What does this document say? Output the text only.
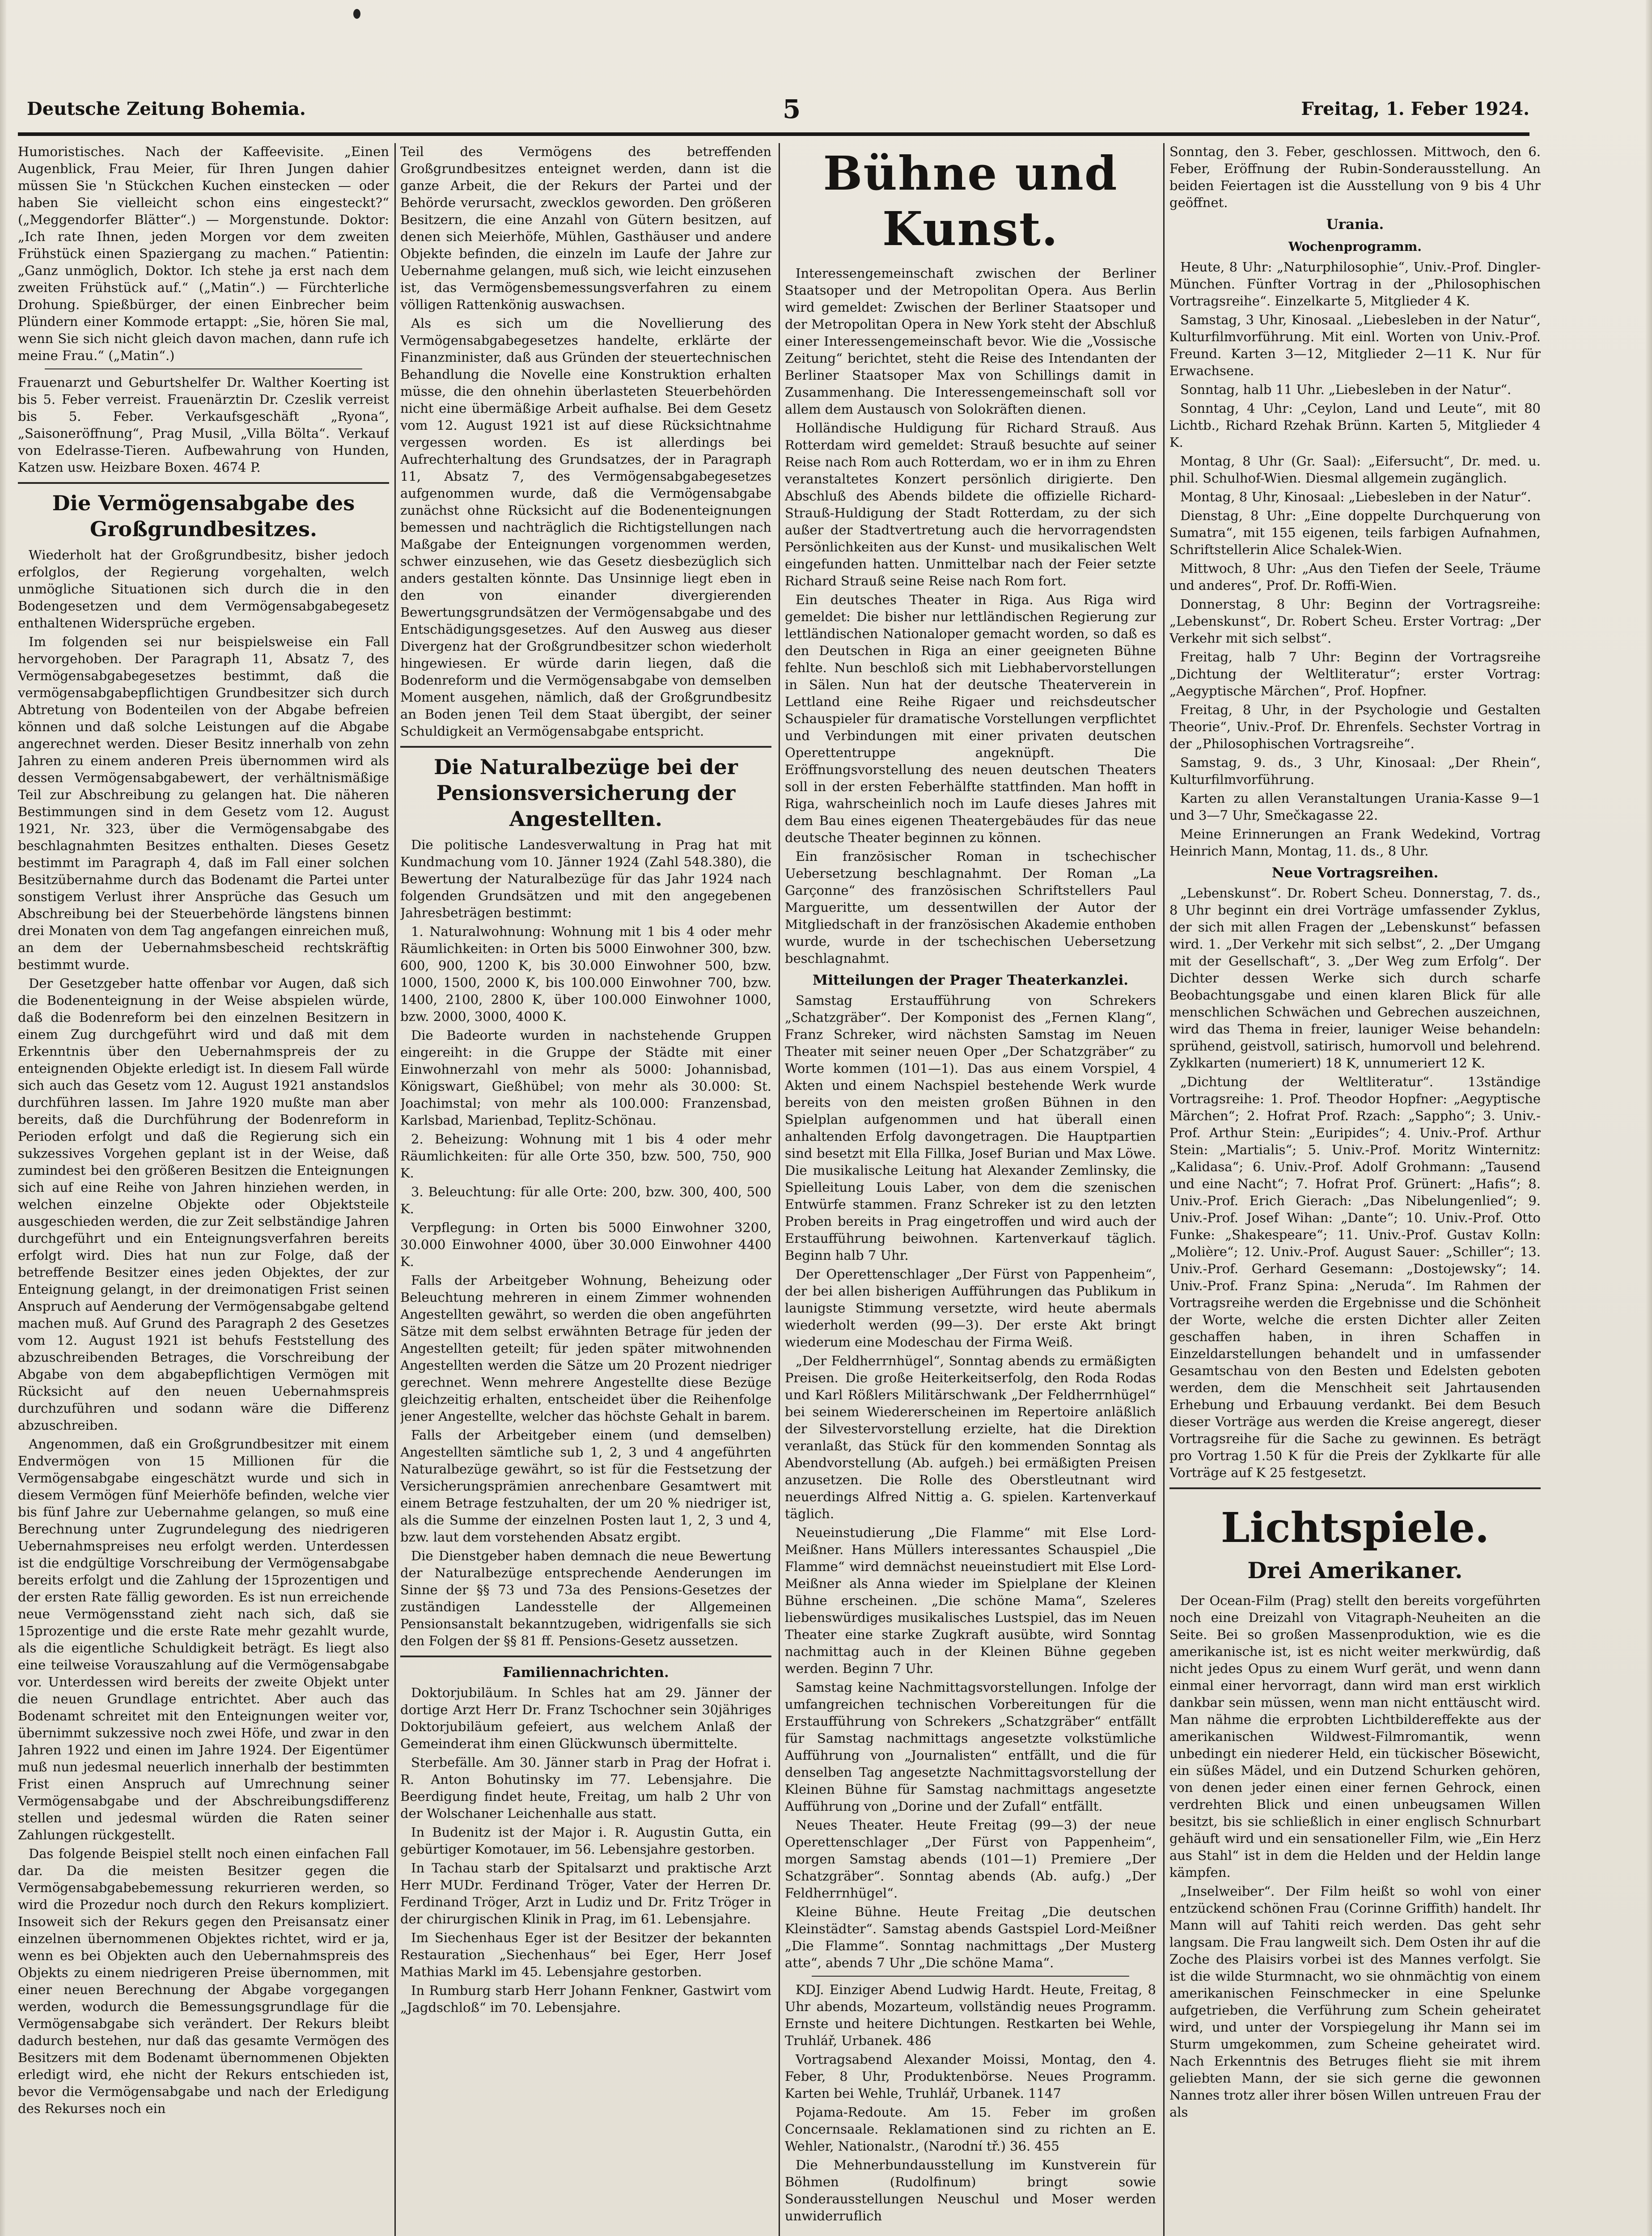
Deutsche Zeitung Bohemia.	5	Freitag, 1. Feber 1924.

Humoristisches. Nach der Kaffeevisite. „Einen Augenblick, Frau Meier, für Ihren Jungen dahier müssen Sie 'n Stückchen Kuchen einstecken — oder haben Sie vielleicht schon eins eingesteckt?“ („Meggendorfer Blätter“.) — Morgenstunde. Doktor: „Ich rate Ihnen, jeden Morgen vor dem zweiten Frühstück einen Spaziergang zu machen.“ Patientin: „Ganz unmöglich, Doktor. Ich stehe ja erst nach dem zweiten Frühstück auf.“ („Matin“.) — Fürchterliche Drohung. Spießbürger, der einen Einbrecher beim Plündern einer Kommode ertappt: „Sie, hören Sie mal, wenn Sie sich nicht gleich davon machen, dann rufe ich meine Frau.“ („Matin“.)

Frauenarzt und Geburtshelfer Dr. Walther Koerting ist bis 5. Feber verreist. Frauenärztin Dr. Czeslik verreist bis 5. Feber. Verkaufsgeschäft „Ryona“, „Saisoneröffnung“, Prag Musil, „Villa Bölta“. Verkauf von Edelrasse-Tieren. Aufbewahrung von Hunden, Katzen usw. Heizbare Boxen. 4674 P.

Die Vermögensabgabe des Großgrundbesitzes.

Wiederholt hat der Großgrundbesitz, bisher jedoch erfolglos, der Regierung vorgehalten, welch unmögliche Situationen sich durch die in den Bodengesetzen und dem Vermögensabgabegesetz enthaltenen Widersprüche ergeben.

Im folgenden sei nur beispielsweise ein Fall hervorgehoben. Der Paragraph 11, Absatz 7, des Vermögensabgabegesetzes bestimmt, daß die vermögensabgabepflichtigen Grundbesitzer sich durch Abtretung von Bodenteilen von der Abgabe befreien können und daß solche Leistungen auf die Abgabe angerechnet werden. Dieser Besitz innerhalb von zehn Jahren zu einem anderen Preis übernommen wird als dessen Vermögensabgabewert, der verhältnismäßige Teil zur Abschreibung zu gelangen hat. Die näheren Bestimmungen sind in dem Gesetz vom 12. August 1921, Nr. 323, über die Vermögensabgabe des beschlagnahmten Besitzes enthalten. Dieses Gesetz bestimmt im Paragraph 4, daß im Fall einer solchen Besitzübernahme durch das Bodenamt die Partei unter sonstigem Verlust ihrer Ansprüche das Gesuch um Abschreibung bei der Steuerbehörde längstens binnen drei Monaten von dem Tag angefangen einreichen muß, an dem der Uebernahmsbescheid rechtskräftig bestimmt wurde.

Der Gesetzgeber hatte offenbar vor Augen, daß sich die Bodenenteignung in der Weise abspielen würde, daß die Bodenreform bei den einzelnen Besitzern in einem Zug durchgeführt wird und daß mit dem Erkenntnis über den Uebernahmspreis der zu enteignenden Objekte erledigt ist. In diesem Fall würde sich auch das Gesetz vom 12. August 1921 anstandslos durchführen lassen. Im Jahre 1920 mußte man aber bereits, daß die Durchführung der Bodenreform in Perioden erfolgt und daß die Regierung sich ein sukzessives Vorgehen geplant ist in der Weise, daß zumindest bei den größeren Besitzen die Enteignungen sich auf eine Reihe von Jahren hinziehen werden, in welchen einzelne Objekte oder Objektsteile ausgeschieden werden, die zur Zeit selbständige Jahren durchgeführt und ein Enteignungsverfahren bereits erfolgt wird. Dies hat nun zur Folge, daß der betreffende Besitzer eines jeden Objektes, der zur Enteignung gelangt, in der dreimonatigen Frist seinen Anspruch auf Aenderung der Vermögensabgabe geltend machen muß. Auf Grund des Paragraph 2 des Gesetzes vom 12. August 1921 ist behufs Feststellung des abzuschreibenden Betrages, die Vorschreibung der Abgabe von dem abgabepflichtigen Vermögen mit Rücksicht auf den neuen Uebernahmspreis durchzuführen und sodann wäre die Differenz abzuschreiben.

Angenommen, daß ein Großgrundbesitzer mit einem Endvermögen von 15 Millionen für die Vermögensabgabe eingeschätzt wurde und sich in diesem Vermögen fünf Meierhöfe befinden, welche vier bis fünf Jahre zur Uebernahme gelangen, so muß eine Berechnung unter Zugrundelegung des niedrigeren Uebernahmspreises neu erfolgt werden. Unterdessen ist die endgültige Vorschreibung der Vermögensabgabe bereits erfolgt und die Zahlung der 15prozentigen und der ersten Rate fällig geworden. Es ist nun erreichende neue Vermögensstand zieht nach sich, daß sie 15prozentige und die erste Rate mehr gezahlt wurde, als die eigentliche Schuldigkeit beträgt. Es liegt also eine teilweise Vorauszahlung auf die Vermögensabgabe vor. Unterdessen wird bereits der zweite Objekt unter die neuen Grundlage entrichtet. Aber auch das Bodenamt schreitet mit den Enteignungen weiter vor, übernimmt sukzessive noch zwei Höfe, und zwar in den Jahren 1922 und einen im Jahre 1924. Der Eigentümer muß nun jedesmal neuerlich innerhalb der bestimmten Frist einen Anspruch auf Umrechnung seiner Vermögensabgabe und der Abschreibungsdifferenz stellen und jedesmal würden die Raten seiner Zahlungen rückgestellt.

Das folgende Beispiel stellt noch einen einfachen Fall dar. Da die meisten Besitzer gegen die Vermögensabgabebemessung rekurrieren werden, so wird die Prozedur noch durch den Rekurs kompliziert. Insoweit sich der Rekurs gegen den Preisansatz einer einzelnen übernommenen Objektes richtet, wird er ja, wenn es bei Objekten auch den Uebernahmspreis des Objekts zu einem niedrigeren Preise übernommen, mit einer neuen Berechnung der Abgabe vorgegangen werden, wodurch die Bemessungsgrundlage für die Vermögensabgabe sich verändert. Der Rekurs bleibt dadurch bestehen, nur daß das gesamte Vermögen des Besitzers mit dem Bodenamt übernommenen Objekten erledigt wird, ehe nicht der Rekurs entschieden ist, bevor die Vermögensabgabe und nach der Erledigung des Rekurses noch ein

Teil des Vermögens des betreffenden Großgrundbesitzes enteignet werden, dann ist die ganze Arbeit, die der Rekurs der Partei und der Behörde verursacht, zwecklos geworden. Den größeren Besitzern, die eine Anzahl von Gütern besitzen, auf denen sich Meierhöfe, Mühlen, Gasthäuser und andere Objekte befinden, die einzeln im Laufe der Jahre zur Uebernahme gelangen, muß sich, wie leicht einzusehen ist, das Vermögensbemessungsverfahren zu einem völligen Rattenkönig auswachsen.

Als es sich um die Novellierung des Vermögensabgabegesetzes handelte, erklärte der Finanzminister, daß aus Gründen der steuertechnischen Behandlung die Novelle eine Konstruktion erhalten müsse, die den ohnehin überlasteten Steuerbehörden nicht eine übermäßige Arbeit aufhalse. Bei dem Gesetz vom 12. August 1921 ist auf diese Rücksichtnahme vergessen worden. Es ist allerdings bei Aufrechterhaltung des Grundsatzes, der in Paragraph 11, Absatz 7, des Vermögensabgabegesetzes aufgenommen wurde, daß die Vermögensabgabe zunächst ohne Rücksicht auf die Bodenenteignungen bemessen und nachträglich die Richtigstellungen nach Maßgabe der Enteignungen vorgenommen werden, schwer einzusehen, wie das Gesetz diesbezüglich sich anders gestalten könnte. Das Unsinnige liegt eben in den von einander divergierenden Bewertungsgrundsätzen der Vermögensabgabe und des Entschädigungsgesetzes. Auf den Ausweg aus dieser Divergenz hat der Großgrundbesitzer schon wiederholt hingewiesen. Er würde darin liegen, daß die Bodenreform und die Vermögensabgabe von demselben Moment ausgehen, nämlich, daß der Großgrundbesitz an Boden jenen Teil dem Staat übergibt, der seiner Schuldigkeit an Vermögensabgabe entspricht.

Die Naturalbezüge bei der Pensionsversicherung der Angestellten.

Die politische Landesverwaltung in Prag hat mit Kundmachung vom 10. Jänner 1924 (Zahl 548.380), die Bewertung der Naturalbezüge für das Jahr 1924 nach folgenden Grundsätzen und mit den angegebenen Jahresbeträgen bestimmt:

1. Naturalwohnung: Wohnung mit 1 bis 4 oder mehr Räumlichkeiten: in Orten bis 5000 Einwohner 300, bzw. 600, 900, 1200 K, bis 30.000 Einwohner 500, bzw. 1000, 1500, 2000 K, bis 100.000 Einwohner 700, bzw. 1400, 2100, 2800 K, über 100.000 Einwohner 1000, bzw. 2000, 3000, 4000 K.

Die Badeorte wurden in nachstehende Gruppen eingereiht: in die Gruppe der Städte mit einer Einwohnerzahl von mehr als 5000: Johannisbad, Königswart, Gießhübel; von mehr als 30.000: St. Joachimstal; von mehr als 100.000: Franzensbad, Karlsbad, Marienbad, Teplitz-Schönau.

2. Beheizung: Wohnung mit 1 bis 4 oder mehr Räumlichkeiten: für alle Orte 350, bzw. 500, 750, 900 K.

3. Beleuchtung: für alle Orte: 200, bzw. 300, 400, 500 K.

Verpflegung: in Orten bis 5000 Einwohner 3200, 30.000 Einwohner 4000, über 30.000 Einwohner 4400 K.

Falls der Arbeitgeber Wohnung, Beheizung oder Beleuchtung mehreren in einem Zimmer wohnenden Angestellten gewährt, so werden die oben angeführten Sätze mit dem selbst erwähnten Betrage für jeden der Angestellten geteilt; für jeden später mitwohnenden Angestellten werden die Sätze um 20 Prozent niedriger gerechnet. Wenn mehrere Angestellte diese Bezüge gleichzeitig erhalten, entscheidet über die Reihenfolge jener Angestellte, welcher das höchste Gehalt in barem.

Falls der Arbeitgeber einem (und demselben) Angestellten sämtliche sub 1, 2, 3 und 4 angeführten Naturalbezüge gewährt, so ist für die Festsetzung der Versicherungsprämien anrechenbare Gesamtwert mit einem Betrage festzuhalten, der um 20 % niedriger ist, als die Summe der einzelnen Posten laut 1, 2, 3 und 4, bzw. laut dem vorstehenden Absatz ergibt.

Die Dienstgeber haben demnach die neue Bewertung der Naturalbezüge entsprechende Aenderungen im Sinne der §§ 73 und 73a des Pensions-Gesetzes der zuständigen Landesstelle der Allgemeinen Pensionsanstalt bekanntzugeben, widrigenfalls sie sich den Folgen der §§ 81 ff. Pensions-Gesetz aussetzen.

Familiennachrichten.

Doktorjubiläum. In Schles hat am 29. Jänner der dortige Arzt Herr Dr. Franz Tschochner sein 30jähriges Doktorjubiläum gefeiert, aus welchem Anlaß der Gemeinderat ihm einen Glückwunsch übermittelte.

Sterbefälle. Am 30. Jänner starb in Prag der Hofrat i. R. Anton Bohutinsky im 77. Lebensjahre. Die Beerdigung findet heute, Freitag, um halb 2 Uhr von der Wolschaner Leichenhalle aus statt.

In Budenitz ist der Major i. R. Augustin Gutta, ein gebürtiger Komotauer, im 56. Lebensjahre gestorben.

In Tachau starb der Spitalsarzt und praktische Arzt Herr MUDr. Ferdinand Tröger, Vater der Herren Dr. Ferdinand Tröger, Arzt in Ludiz und Dr. Fritz Tröger in der chirurgischen Klinik in Prag, im 61. Lebensjahre.

Im Siechenhaus Eger ist der Besitzer der bekannten Restauration „Siechenhaus“ bei Eger, Herr Josef Mathias Markl im 45. Lebensjahre gestorben.

In Rumburg starb Herr Johann Fenkner, Gastwirt vom „Jagdschloß“ im 70. Lebensjahre.

Bühne und Kunst.

Interessengemeinschaft zwischen der Berliner Staatsoper und der Metropolitan Opera. Aus Berlin wird gemeldet: Zwischen der Berliner Staatsoper und der Metropolitan Opera in New York steht der Abschluß einer Interessengemeinschaft bevor. Wie die „Vossische Zeitung“ berichtet, steht die Reise des Intendanten der Berliner Staatsoper Max von Schillings damit in Zusammenhang. Die Interessengemeinschaft soll vor allem dem Austausch von Solokräften dienen.

Holländische Huldigung für Richard Strauß. Aus Rotterdam wird gemeldet: Strauß besuchte auf seiner Reise nach Rom auch Rotterdam, wo er in ihm zu Ehren veranstaltetes Konzert persönlich dirigierte. Den Abschluß des Abends bildete die offizielle Richard-Strauß-Huldigung der Stadt Rotterdam, zu der sich außer der Stadtvertretung auch die hervorragendsten Persönlichkeiten aus der Kunst- und musikalischen Welt eingefunden hatten. Unmittelbar nach der Feier setzte Richard Strauß seine Reise nach Rom fort.

Ein deutsches Theater in Riga. Aus Riga wird gemeldet: Die bisher nur lettländischen Regierung zur lettländischen Nationaloper gemacht worden, so daß es den Deutschen in Riga an einer geeigneten Bühne fehlte. Nun beschloß sich mit Liebhabervorstellungen in Sälen. Nun hat der deutsche Theaterverein in Lettland eine Reihe Rigaer und reichsdeutscher Schauspieler für dramatische Vorstellungen verpflichtet und Verbindungen mit einer privaten deutschen Operettentruppe angeknüpft. Die Eröffnungsvorstellung des neuen deutschen Theaters soll in der ersten Feberhälfte stattfinden. Man hofft in Riga, wahrscheinlich noch im Laufe dieses Jahres mit dem Bau eines eigenen Theatergebäudes für das neue deutsche Theater beginnen zu können.

Ein französischer Roman in tschechischer Uebersetzung beschlagnahmt. Der Roman „La Garçonne“ des französischen Schriftstellers Paul Margueritte, um dessentwillen der Autor der Mitgliedschaft in der französischen Akademie enthoben wurde, wurde in der tschechischen Uebersetzung beschlagnahmt.

Mitteilungen der Prager Theaterkanzlei.

Samstag Erstaufführung von Schrekers „Schatzgräber“. Der Komponist des „Fernen Klang“, Franz Schreker, wird nächsten Samstag im Neuen Theater mit seiner neuen Oper „Der Schatzgräber“ zu Worte kommen (101—1). Das aus einem Vorspiel, 4 Akten und einem Nachspiel bestehende Werk wurde bereits von den meisten großen Bühnen in den Spielplan aufgenommen und hat überall einen anhaltenden Erfolg davongetragen. Die Hauptpartien sind besetzt mit Ella Fillka, Josef Burian und Max Löwe. Die musikalische Leitung hat Alexander Zemlinsky, die Spielleitung Louis Laber, von dem die szenischen Entwürfe stammen. Franz Schreker ist zu den letzten Proben bereits in Prag eingetroffen und wird auch der Erstaufführung beiwohnen. Kartenverkauf täglich. Beginn halb 7 Uhr.

Der Operettenschlager „Der Fürst von Pappenheim“, der bei allen bisherigen Aufführungen das Publikum in launigste Stimmung versetzte, wird heute abermals wiederholt werden (99—3). Der erste Akt bringt wiederum eine Modeschau der Firma Weiß.

„Der Feldherrnhügel“, Sonntag abends zu ermäßigten Preisen. Die große Heiterkeitserfolg, den Roda Rodas und Karl Rößlers Militärschwank „Der Feldherrnhügel“ bei seinem Wiedererscheinen im Repertoire anläßlich der Silvestervorstellung erzielte, hat die Direktion veranlaßt, das Stück für den kommenden Sonntag als Abendvorstellung (Ab. aufgeh.) bei ermäßigten Preisen anzusetzen. Die Rolle des Oberstleutnant wird neuerdings Alfred Nittig a. G. spielen. Kartenverkauf täglich.

Neueinstudierung „Die Flamme“ mit Else Lord-Meißner. Hans Müllers interessantes Schauspiel „Die Flamme“ wird demnächst neueinstudiert mit Else Lord-Meißner als Anna wieder im Spielplane der Kleinen Bühne erscheinen. „Die schöne Mama“, Szeleres liebenswürdiges musikalisches Lustspiel, das im Neuen Theater eine starke Zugkraft ausübte, wird Sonntag nachmittag auch in der Kleinen Bühne gegeben werden. Beginn 7 Uhr.

Samstag keine Nachmittagsvorstellungen. Infolge der umfangreichen technischen Vorbereitungen für die Erstaufführung von Schrekers „Schatzgräber“ entfällt für Samstag nachmittags angesetzte volkstümliche Aufführung von „Journalisten“ entfällt, und die für denselben Tag angesetzte Nachmittagsvorstellung der Kleinen Bühne für Samstag nachmittags angesetzte Aufführung von „Dorine und der Zufall“ entfällt.

Neues Theater. Heute Freitag (99—3) der neue Operettenschlager „Der Fürst von Pappenheim“, morgen Samstag abends (101—1) Premiere „Der Schatzgräber“. Sonntag abends (Ab. aufg.) „Der Feldherrnhügel“.

Kleine Bühne. Heute Freitag „Die deutschen Kleinstädter“. Samstag abends Gastspiel Lord-Meißner „Die Flamme“. Sonntag nachmittags „Der Musterg atte“, abends 7 Uhr „Die schöne Mama“.

KDJ. Einziger Abend Ludwig Hardt. Heute, Freitag, 8 Uhr abends, Mozarteum, vollständig neues Programm. Ernste und heitere Dichtungen. Restkarten bei Wehle, Truhlář, Urbanek. 486

Vortragsabend Alexander Moissi, Montag, den 4. Feber, 8 Uhr, Produktenbörse. Neues Programm. Karten bei Wehle, Truhlář, Urbanek. 1147

Pojama-Redoute. Am 15. Feber im großen Concernsaale. Reklamationen sind zu richten an E. Wehler, Nationalstr., (Narodní tř.) 36. 455

Die Mehnerbundausstellung im Kunstverein für Böhmen (Rudolfinum) bringt sowie Sonderausstellungen Neuschul und Moser werden unwiderruflich

Sonntag, den 3. Feber, geschlossen. Mittwoch, den 6. Feber, Eröffnung der Rubin-Sonderausstellung. An beiden Feiertagen ist die Ausstellung von 9 bis 4 Uhr geöffnet.

Urania.
Wochenprogramm.

Heute, 8 Uhr: „Naturphilosophie“, Univ.-Prof. Dingler-München. Fünfter Vortrag in der „Philosophischen Vortragsreihe“. Einzelkarte 5, Mitglieder 4 K.

Samstag, 3 Uhr, Kinosaal. „Liebesleben in der Natur“, Kulturfilmvorführung. Mit einl. Worten von Univ.-Prof. Freund. Karten 3—12, Mitglieder 2—11 K. Nur für Erwachsene.

Sonntag, halb 11 Uhr. „Liebesleben in der Natur“.

Sonntag, 4 Uhr: „Ceylon, Land und Leute“, mit 80 Lichtb., Richard Rzehak Brünn. Karten 5, Mitglieder 4 K.

Montag, 8 Uhr (Gr. Saal): „Eifersucht“, Dr. med. u. phil. Schulhof-Wien. Diesmal allgemein zugänglich.

Montag, 8 Uhr, Kinosaal: „Liebesleben in der Natur“.

Dienstag, 8 Uhr: „Eine doppelte Durchquerung von Sumatra“, mit 155 eigenen, teils farbigen Aufnahmen, Schriftstellerin Alice Schalek-Wien.

Mittwoch, 8 Uhr: „Aus den Tiefen der Seele, Träume und anderes“, Prof. Dr. Roffi-Wien.

Donnerstag, 8 Uhr: Beginn der Vortragsreihe: „Lebenskunst“, Dr. Robert Scheu. Erster Vortrag: „Der Verkehr mit sich selbst“.

Freitag, halb 7 Uhr: Beginn der Vortragsreihe „Dichtung der Weltliteratur“; erster Vortrag: „Aegyptische Märchen“, Prof. Hopfner.

Freitag, 8 Uhr, in der Psychologie und Gestalten Theorie“, Univ.-Prof. Dr. Ehrenfels. Sechster Vortrag in der „Philosophischen Vortragsreihe“.

Samstag, 9. ds., 3 Uhr, Kinosaal: „Der Rhein“, Kulturfilmvorführung.

Karten zu allen Veranstaltungen Urania-Kasse 9—1 und 3—7 Uhr, Smečkagasse 22.

Meine Erinnerungen an Frank Wedekind, Vortrag Heinrich Mann, Montag, 11. ds., 8 Uhr.

Neue Vortragsreihen.

„Lebenskunst“. Dr. Robert Scheu. Donnerstag, 7. ds., 8 Uhr beginnt ein drei Vorträge umfassender Zyklus, der sich mit allen Fragen der „Lebenskunst“ befassen wird. 1. „Der Verkehr mit sich selbst“, 2. „Der Umgang mit der Gesellschaft“, 3. „Der Weg zum Erfolg“. Der Dichter dessen Werke sich durch scharfe Beobachtungsgabe und einen klaren Blick für alle menschlichen Schwächen und Gebrechen auszeichnen, wird das Thema in freier, launiger Weise behandeln: sprühend, geistvoll, satirisch, humorvoll und belehrend. Zyklkarten (numeriert) 18 K, unnumeriert 12 K.

„Dichtung der Weltliteratur“. 13ständige Vortragsreihe: 1. Prof. Theodor Hopfner: „Aegyptische Märchen“; 2. Hofrat Prof. Rzach: „Sappho“; 3. Univ.-Prof. Arthur Stein: „Euripides“; 4. Univ.-Prof. Arthur Stein: „Martialis“; 5. Univ.-Prof. Moritz Winternitz: „Kalidasa“; 6. Univ.-Prof. Adolf Grohmann: „Tausend und eine Nacht“; 7. Hofrat Prof. Grünert: „Hafis“; 8. Univ.-Prof. Erich Gierach: „Das Nibelungenlied“; 9. Univ.-Prof. Josef Wihan: „Dante“; 10. Univ.-Prof. Otto Funke: „Shakespeare“; 11. Univ.-Prof. Gustav Kolln: „Molière“; 12. Univ.-Prof. August Sauer: „Schiller“; 13. Univ.-Prof. Gerhard Gesemann: „Dostojewsky“; 14. Univ.-Prof. Franz Spina: „Neruda“. Im Rahmen der Vortragsreihe werden die Ergebnisse und die Schönheit der Worte, welche die ersten Dichter aller Zeiten geschaffen haben, in ihren Schaffen in Einzeldarstellungen behandelt und in umfassender Gesamtschau von den Besten und Edelsten geboten werden, dem die Menschheit seit Jahrtausenden Erhebung und Erbauung verdankt. Bei dem Besuch dieser Vorträge aus werden die Kreise angeregt, dieser Vortragsreihe für die Sache zu gewinnen. Es beträgt pro Vortrag 1.50 K für die Preis der Zyklkarte für alle Vorträge auf K 25 festgesetzt.

Lichtspiele.
Drei Amerikaner.

Der Ocean-Film (Prag) stellt den bereits vorgeführten noch eine Dreizahl von Vitagraph-Neuheiten an die Seite. Bei so großen Massenproduktion, wie es die amerikanische ist, ist es nicht weiter merkwürdig, daß nicht jedes Opus zu einem Wurf gerät, und wenn dann einmal einer hervorragt, dann wird man erst wirklich dankbar sein müssen, wenn man nicht enttäuscht wird. Man nähme die erprobten Lichtbildereffekte aus der amerikanischen Wildwest-Filmromantik, wenn unbedingt ein niederer Held, ein tückischer Bösewicht, ein süßes Mädel, und ein Dutzend Schurken gehören, von denen jeder einen einer fernen Gehrock, einen verdrehten Blick und einen unbeugsamen Willen besitzt, bis sie schließlich in einer englisch Schnurbart gehäuft wird und ein sensationeller Film, wie „Ein Herz aus Stahl“ ist in dem die Helden und der Heldin lange kämpfen.

„Inselweiber“. Der Film heißt so wohl von einer entzückend schönen Frau (Corinne Griffith) handelt. Ihr Mann will auf Tahiti reich werden. Das geht sehr langsam. Die Frau langweilt sich. Dem Osten ihr auf die Zoche des Plaisirs vorbei ist des Mannes verfolgt. Sie ist die wilde Sturmnacht, wo sie ohnmächtig von einem amerikanischen Feinschmecker in eine Spelunke aufgetrieben, die Verführung zum Schein geheiratet wird, und unter der Vorspiegelung ihr Mann sei im Sturm umgekommen, zum Scheine geheiratet wird. Nach Erkenntnis des Betruges flieht sie mit ihrem geliebten Mann, der sie sich gerne die gewonnen Nannes trotz aller ihrer bösen Willen untreuen Frau der als
